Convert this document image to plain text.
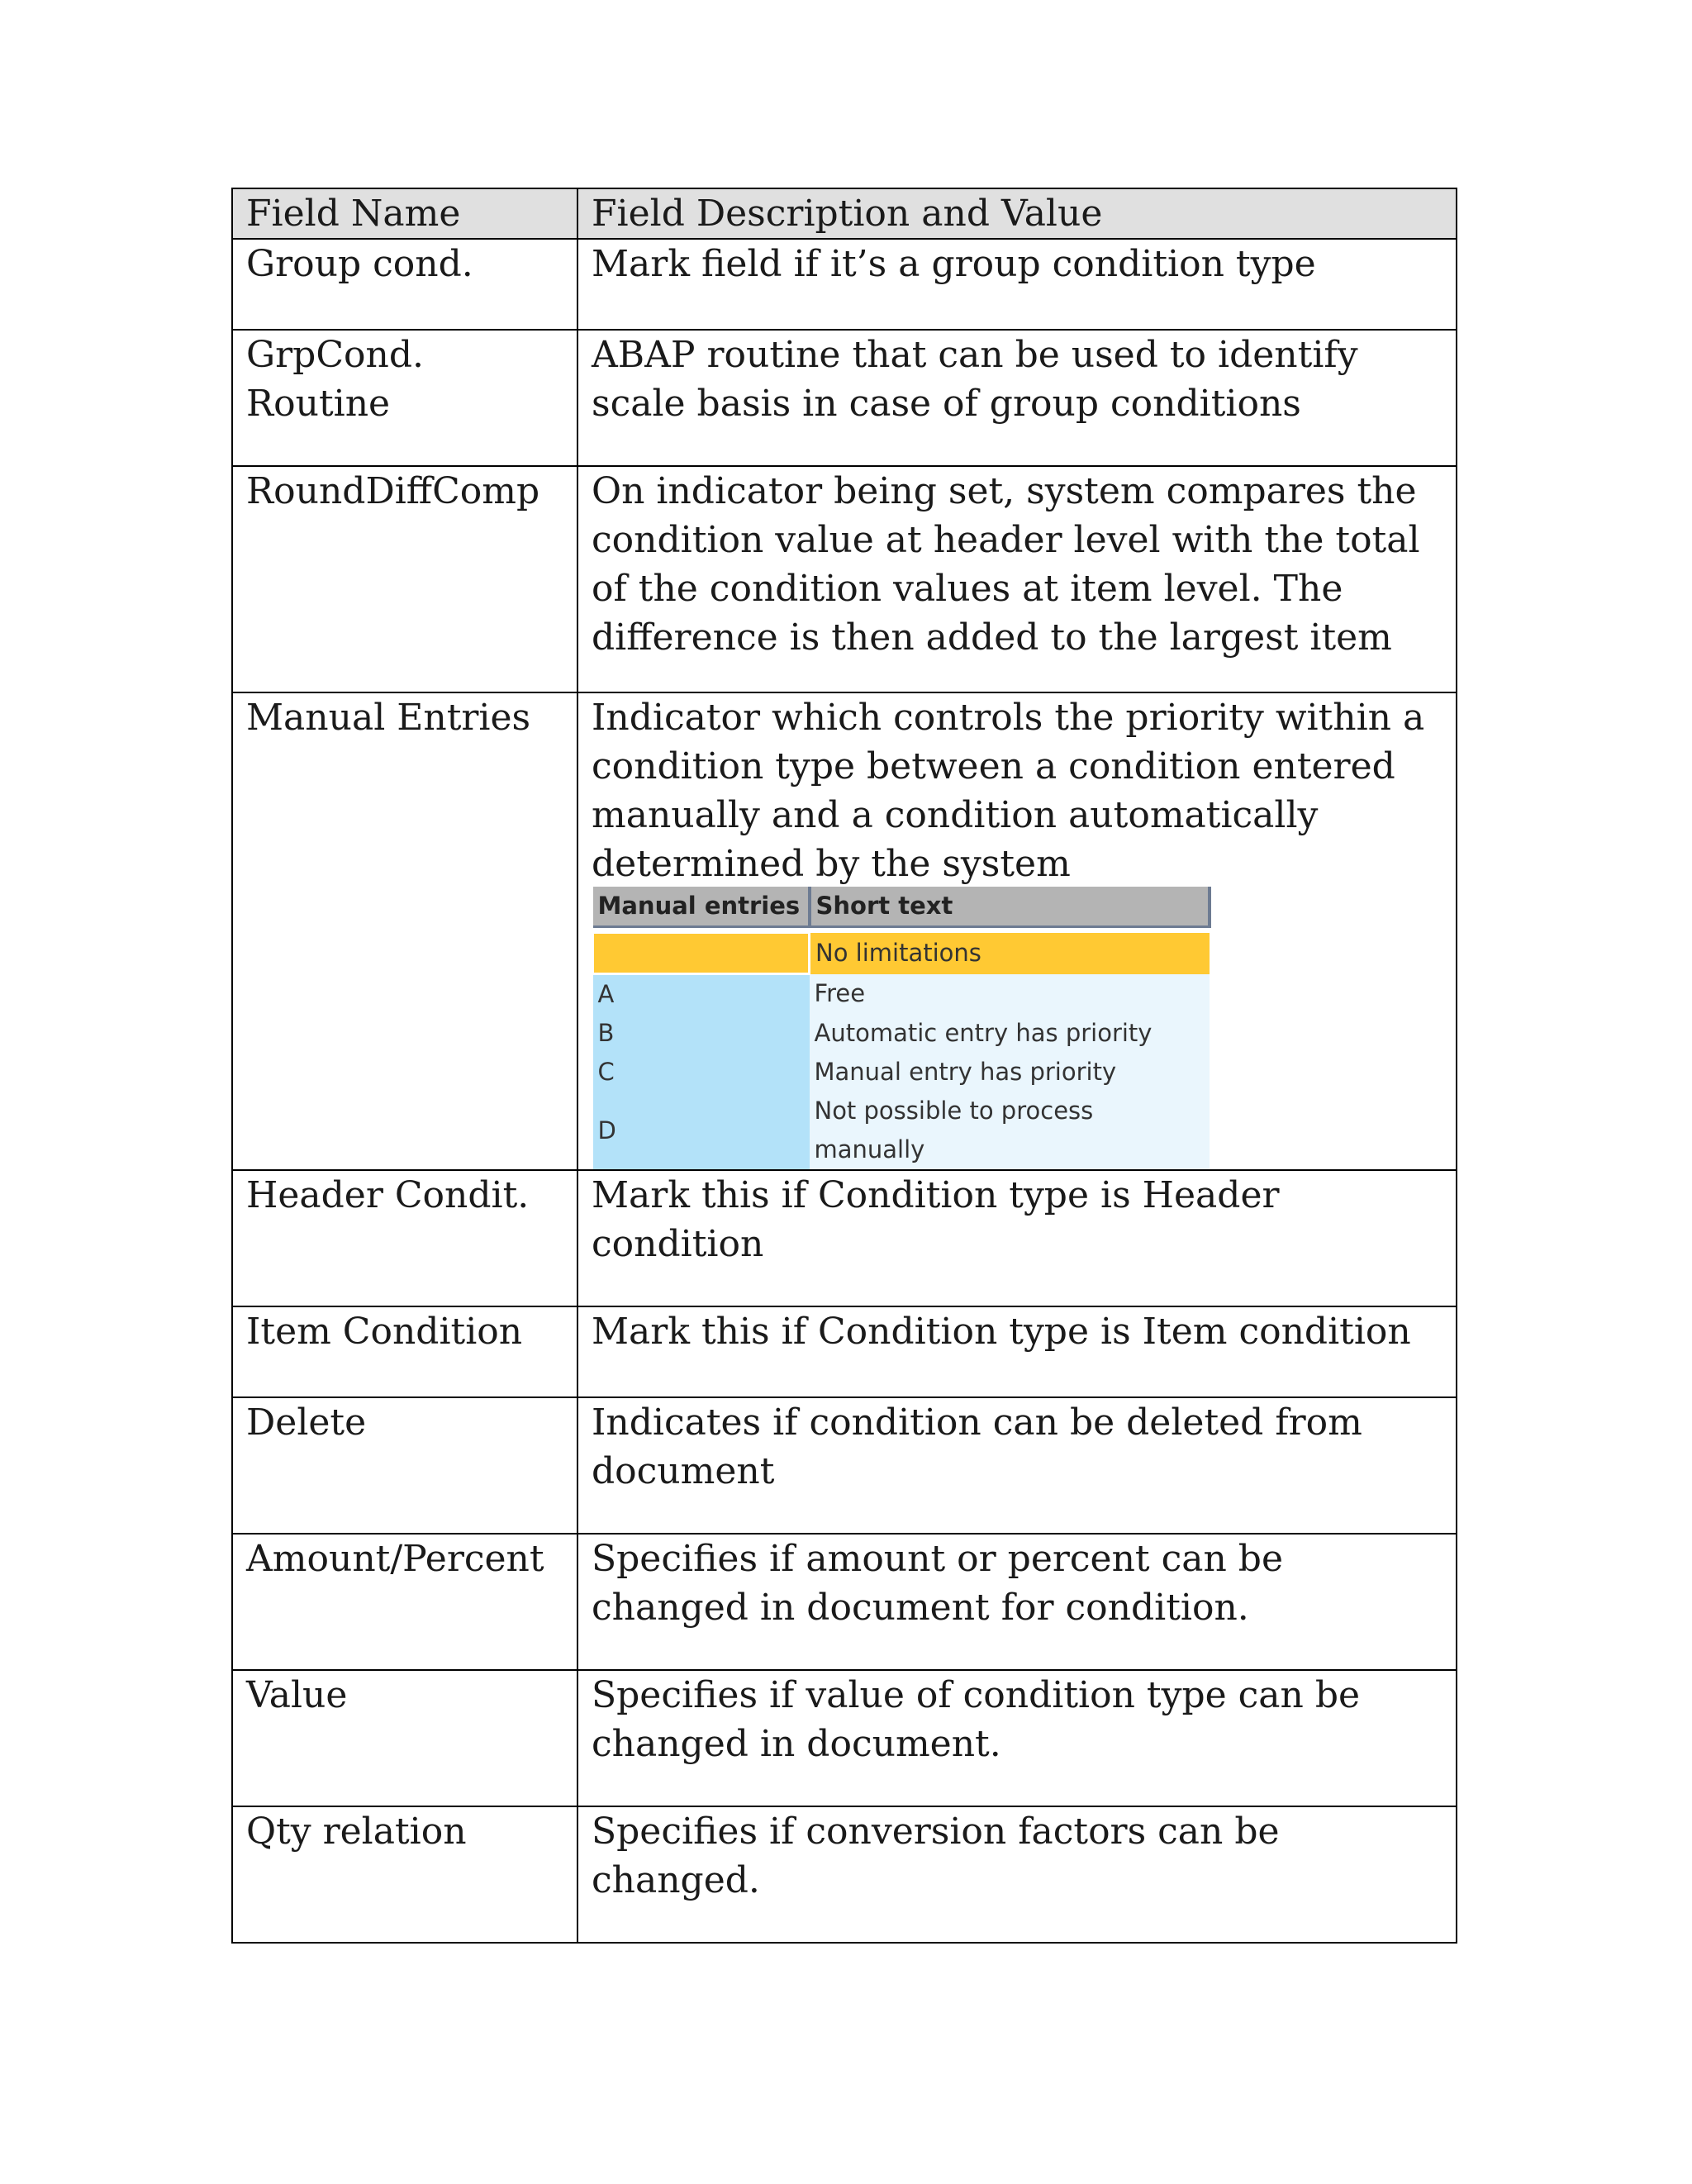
Field Name	Field Description and Value
Group cond.	Mark field if it’s a group condition type
GrpCond. Routine	ABAP routine that can be used to identify scale basis in case of group conditions
RoundDiffComp	On indicator being set, system compares the condition value at header level with the total of the condition values at item level. The difference is then added to the largest item
Manual Entries	Indicator which controls the priority within a condition type between a condition entered manually and a condition automatically determined by the system
Manual entries	Short text

	No limitations
A	Free
B	Automatic entry has priority
C	Manual entry has priority
D	Not possible to process manually

Header Condit.	Mark this if Condition type is Header condition
Item Condition	Mark this if Condition type is Item condition
Delete	Indicates if condition can be deleted from document
Amount/Percent	Specifies if amount or percent can be changed in document for condition.
Value	Specifies if value of condition type can be changed in document.
Qty relation	Specifies if conversion factors can be changed.
